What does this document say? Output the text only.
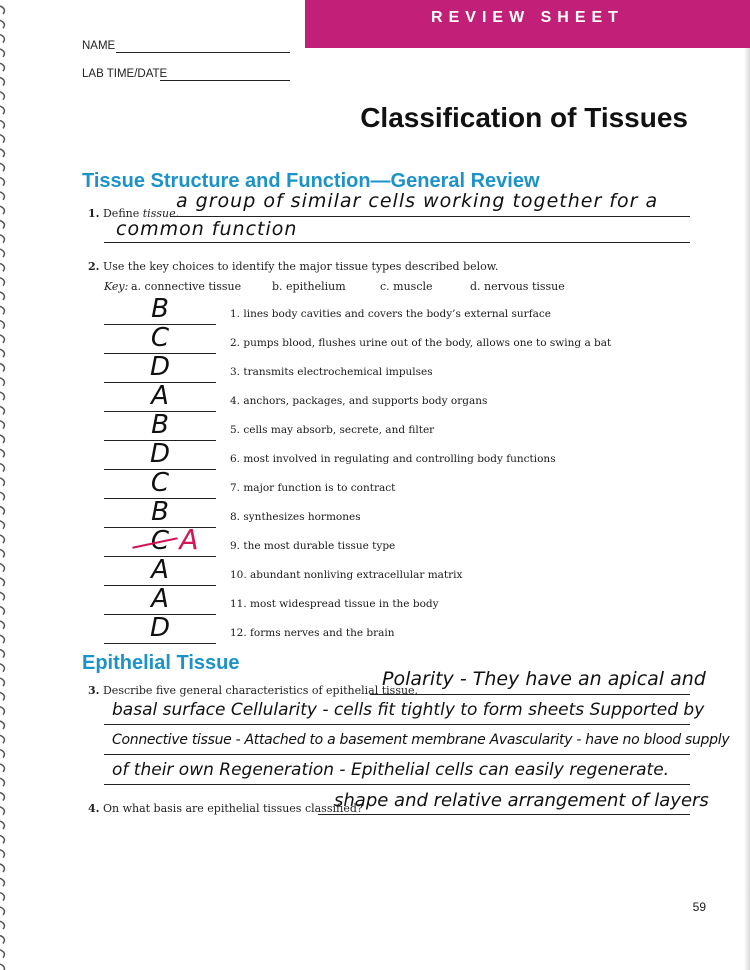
REVIEW SHEET
NAME
LAB TIME/DATE
Classification of Tissues
Tissue Structure and Function—General Review
1. Define tissue.
a group of similar cells working together for a
common function
2. Use the key choices to identify the major tissue types described below.
Key: a. connective tissue	b. epithelium	c. muscle	d. nervous tissue
B	1. lines body cavities and covers the body’s external surface
C	2. pumps blood, flushes urine out of the body, allows one to swing a bat
D	3. transmits electrochemical impulses
A	4. anchors, packages, and supports body organs
B	5. cells may absorb, secrete, and filter
D	6. most involved in regulating and controlling body functions
C	7. major function is to contract
B	8. synthesizes hormones
C A	9. the most durable tissue type
A	10. abundant nonliving extracellular matrix
A	11. most widespread tissue in the body
D	12. forms nerves and the brain
Epithelial Tissue
3. Describe five general characteristics of epithelial tissue.
Polarity - They have an apical and
basal surface Cellularity - cells fit tightly to form sheets Supported by
Connective tissue - Attached to a basement membrane Avascularity - have no blood supply
of their own Regeneration - Epithelial cells can easily regenerate.
4. On what basis are epithelial tissues classified?
shape and relative arrangement of layers
59
